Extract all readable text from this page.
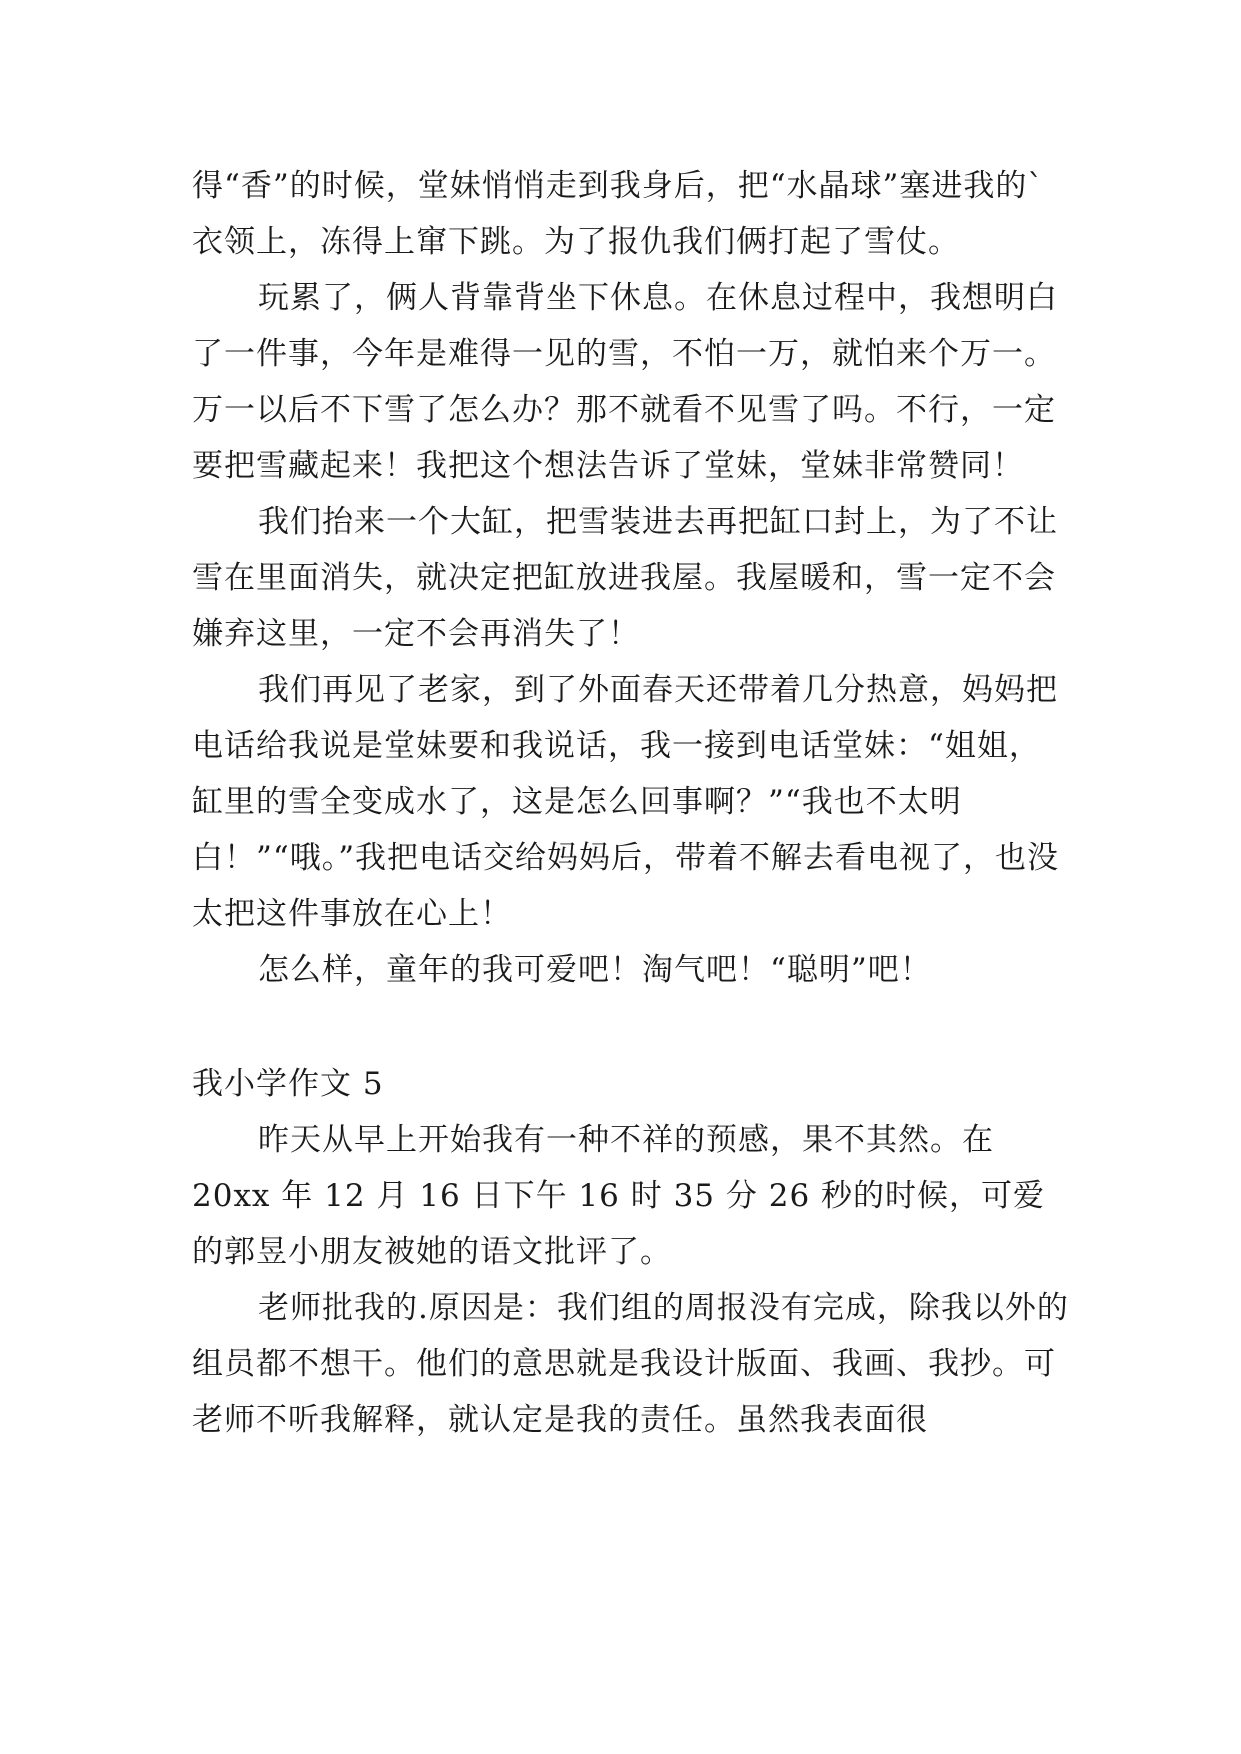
得“香”的时候，堂妹悄悄走到我身后，把“水晶球”塞进我的`衣领上，冻得上窜下跳。为了报仇我们俩打起了雪仗。

玩累了，俩人背靠背坐下休息。在休息过程中，我想明白了一件事，今年是难得一见的雪，不怕一万，就怕来个万一。万一以后不下雪了怎么办？那不就看不见雪了吗。不行，一定要把雪藏起来！我把这个想法告诉了堂妹，堂妹非常赞同！

我们抬来一个大缸，把雪装进去再把缸口封上，为了不让雪在里面消失，就决定把缸放进我屋。我屋暖和，雪一定不会嫌弃这里，一定不会再消失了！

我们再见了老家，到了外面春天还带着几分热意，妈妈把电话给我说是堂妹要和我说话，我一接到电话堂妹：“姐姐，缸里的雪全变成水了，这是怎么回事啊？”“我也不太明白！”“哦。”我把电话交给妈妈后，带着不解去看电视了，也没太把这件事放在心上！

怎么样，童年的我可爱吧！淘气吧！“聪明”吧！

我小学作文 5

昨天从早上开始我有一种不祥的预感，果不其然。在 20xx 年 12 月 16 日下午 16 时 35 分 26 秒的时候，可爱的郭昱小朋友被她的语文批评了。

老师批我的.原因是：我们组的周报没有完成，除我以外的组员都不想干。他们的意思就是我设计版面、我画、我抄。可老师不听我解释，就认定是我的责任。虽然我表面很
